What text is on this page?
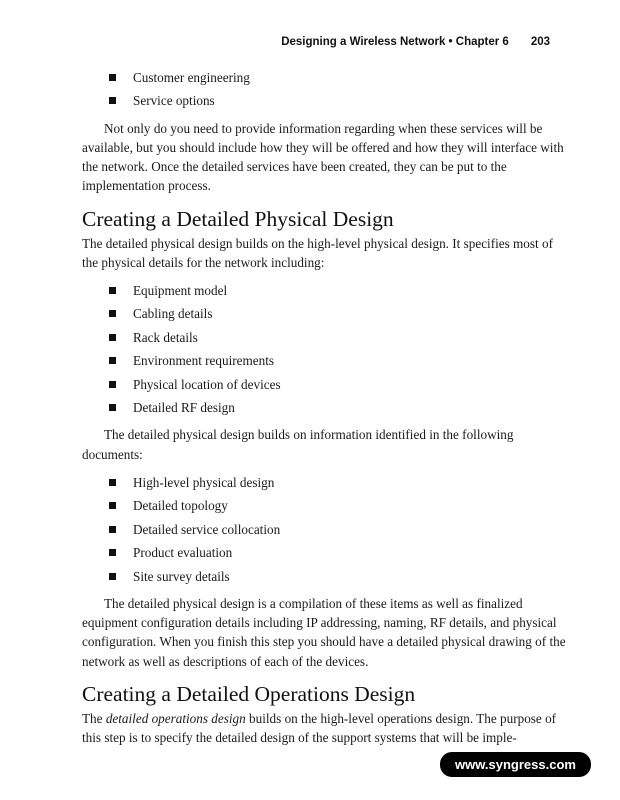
Designing a Wireless Network • Chapter 6 203
Customer engineering
Service options

Not only do you need to provide information regarding when these services will be available, but you should include how they will be offered and how they will interface with the network. Once the detailed services have been created, they can be put to the implementation process.

Creating a Detailed Physical Design

The detailed physical design builds on the high-level physical design. It specifies most of the physical details for the network including:

Equipment model
Cabling details
Rack details
Environment requirements
Physical location of devices
Detailed RF design

The detailed physical design builds on information identified in the following documents:

High-level physical design
Detailed topology
Detailed service collocation
Product evaluation
Site survey details

The detailed physical design is a compilation of these items as well as finalized equipment configuration details including IP addressing, naming, RF details, and physical configuration. When you finish this step you should have a detailed physical drawing of the network as well as descriptions of each of the devices.

Creating a Detailed Operations Design

The detailed operations design builds on the high-level operations design. The purpose of this step is to specify the detailed design of the support systems that will be imple-

www.syngress.com
